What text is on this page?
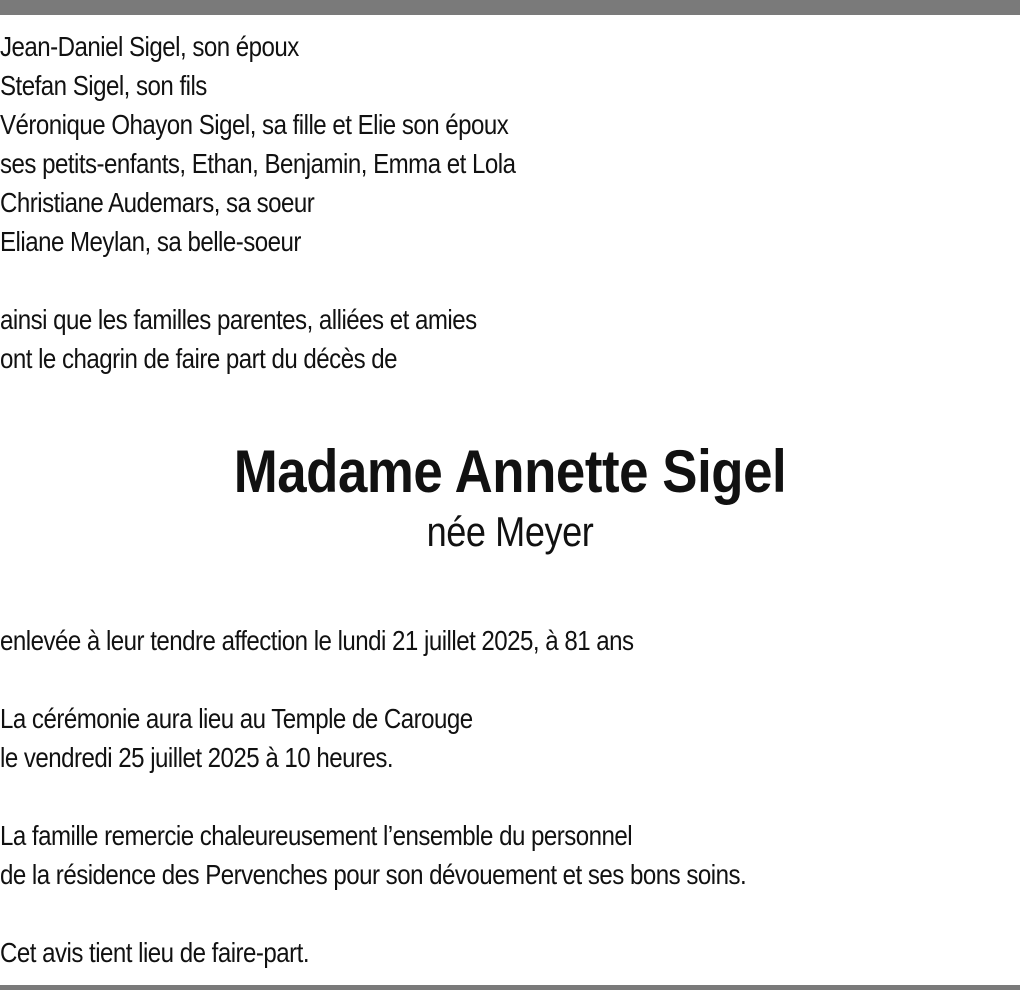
Jean-Daniel Sigel, son époux
Stefan Sigel, son fils
Véronique Ohayon Sigel, sa fille et Elie son époux
ses petits-enfants, Ethan, Benjamin, Emma et Lola
Christiane Audemars, sa soeur
Eliane Meylan, sa belle-soeur
ainsi que les familles parentes, alliées et amies
ont le chagrin de faire part du décès de
Madame Annette Sigel
née Meyer
enlevée à leur tendre affection le lundi 21 juillet 2025, à 81 ans
La cérémonie aura lieu au Temple de Carouge
le vendredi 25 juillet 2025 à 10 heures.
La famille remercie chaleureusement l’ensemble du personnel
de la résidence des Pervenches pour son dévouement et ses bons soins.
Cet avis tient lieu de faire-part.
